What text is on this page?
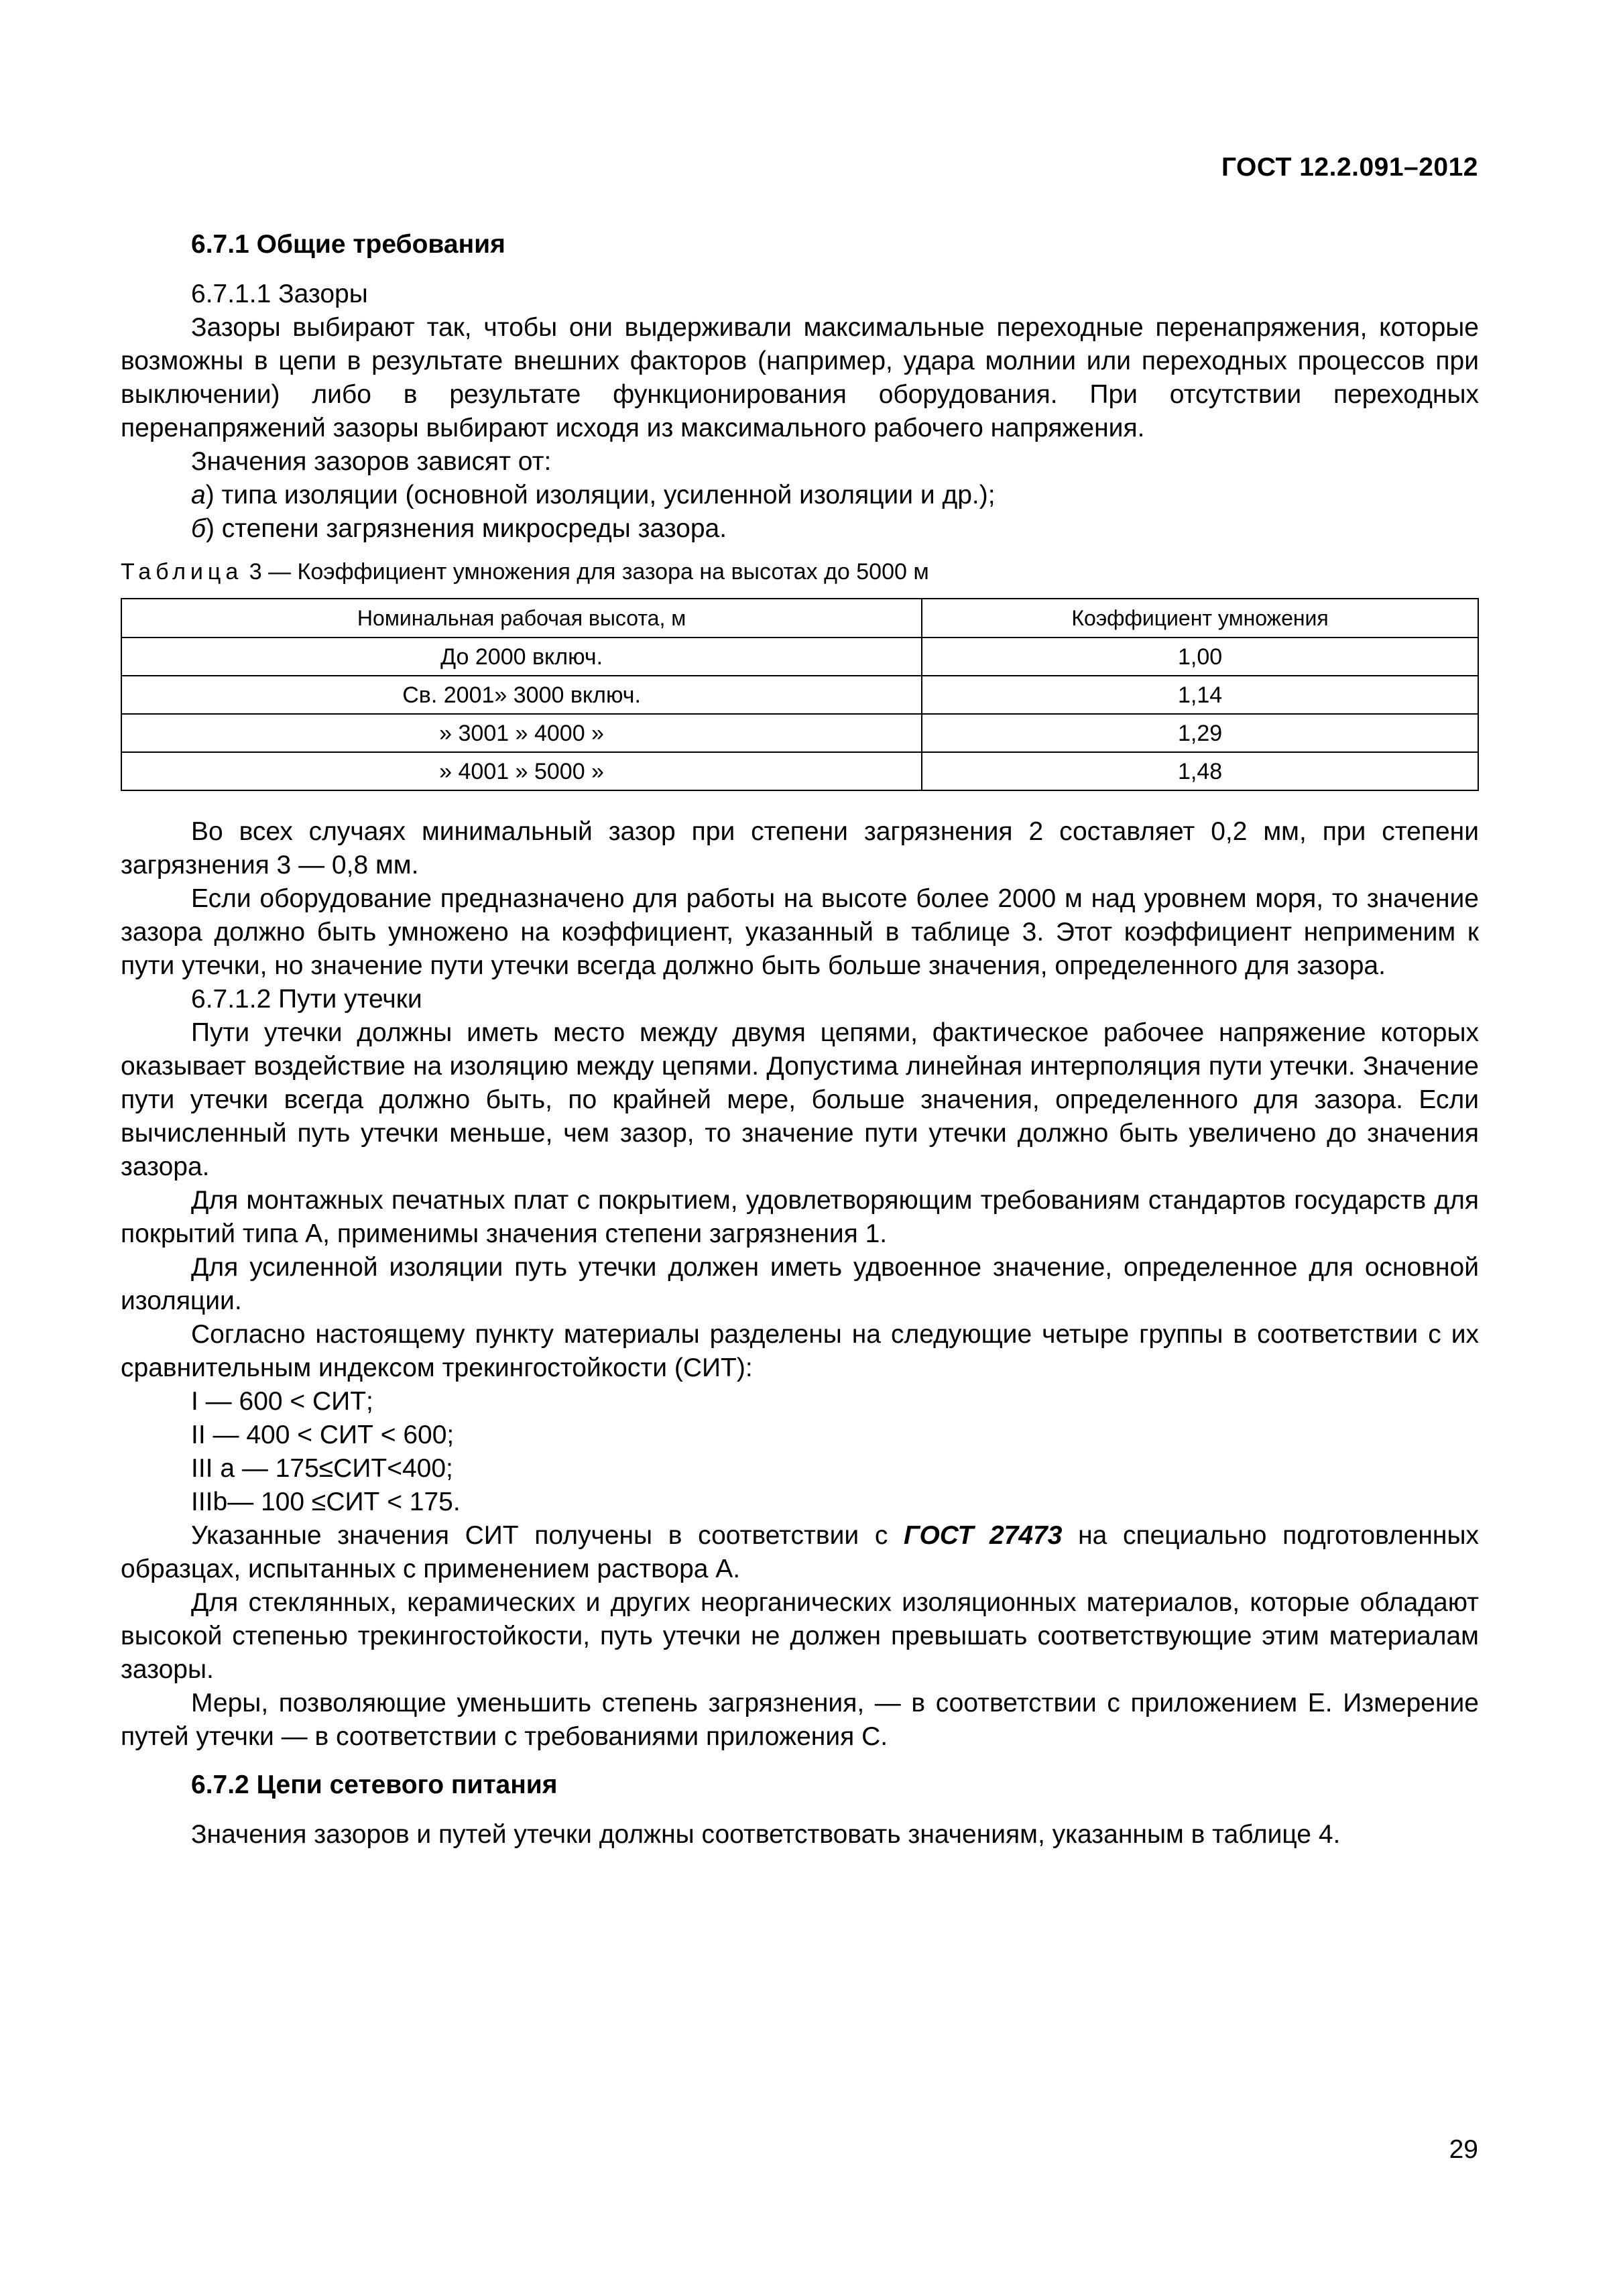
ГОСТ 12.2.091–2012
6.7.1 Общие требования
6.7.1.1 Зазоры

Зазоры выбирают так, чтобы они выдерживали максимальные переходные перенапряжения, которые возможны в цепи в результате внешних факторов (например, удара молнии или переходных процессов при выключении) либо в результате функционирования оборудования. При отсутствии переходных перенапряжений зазоры выбирают исходя из максимального рабочего напряжения.

Значения зазоров зависят от:
а) типа изоляции (основной изоляции, усиленной изоляции и др.);
б) степени загрязнения микросреды зазора.
Таблица 3 — Коэффициент умножения для зазора на высотах до 5000 м
Номинальная рабочая высота, м	Коэффициент умножения
До 2000 включ.	1,00
Св. 2001» 3000 включ.	1,14
» 3001 » 4000 »	1,29
» 4001 » 5000 »	1,48

Во всех случаях минимальный зазор при степени загрязнения 2 составляет 0,2 мм, при степени загрязнения 3 — 0,8 мм.

Если оборудование предназначено для работы на высоте более 2000 м над уровнем моря, то значение зазора должно быть умножено на коэффициент, указанный в таблице 3. Этот коэффициент неприменим к пути утечки, но значение пути утечки всегда должно быть больше значения, определенного для зазора.

6.7.1.2 Пути утечки

Пути утечки должны иметь место между двумя цепями, фактическое рабочее напряжение которых оказывает воздействие на изоляцию между цепями. Допустима линейная интерполяция пути утечки. Значение пути утечки всегда должно быть, по крайней мере, больше значения, определенного для зазора. Если вычисленный путь утечки меньше, чем зазор, то значение пути утечки должно быть увеличено до значения зазора.

Для монтажных печатных плат с покрытием, удовлетворяющим требованиям стандартов государств для покрытий типа А, применимы значения степени загрязнения 1.

Для усиленной изоляции путь утечки должен иметь удвоенное значение, определенное для основной изоляции.

Согласно настоящему пункту материалы разделены на следующие четыре группы в соответствии с их сравнительным индексом трекингостойкости (СИТ):

I — 600 < СИТ;
II — 400 < СИТ < 600;
III а — 175≤СИТ<400;
IIIb— 100 ≤СИТ < 175.

Указанные значения СИТ получены в соответствии с ГОСТ 27473 на специально подготовленных образцах, испытанных с применением раствора А.

Для стеклянных, керамических и других неорганических изоляционных материалов, которые обладают высокой степенью трекингостойкости, путь утечки не должен превышать соответствующие этим материалам зазоры.

Меры, позволяющие уменьшить степень загрязнения, — в соответствии с приложением Е. Измерение путей утечки — в соответствии с требованиями приложения С.

6.7.2 Цепи сетевого питания

Значения зазоров и путей утечки должны соответствовать значениям, указанным в таблице 4.

29
